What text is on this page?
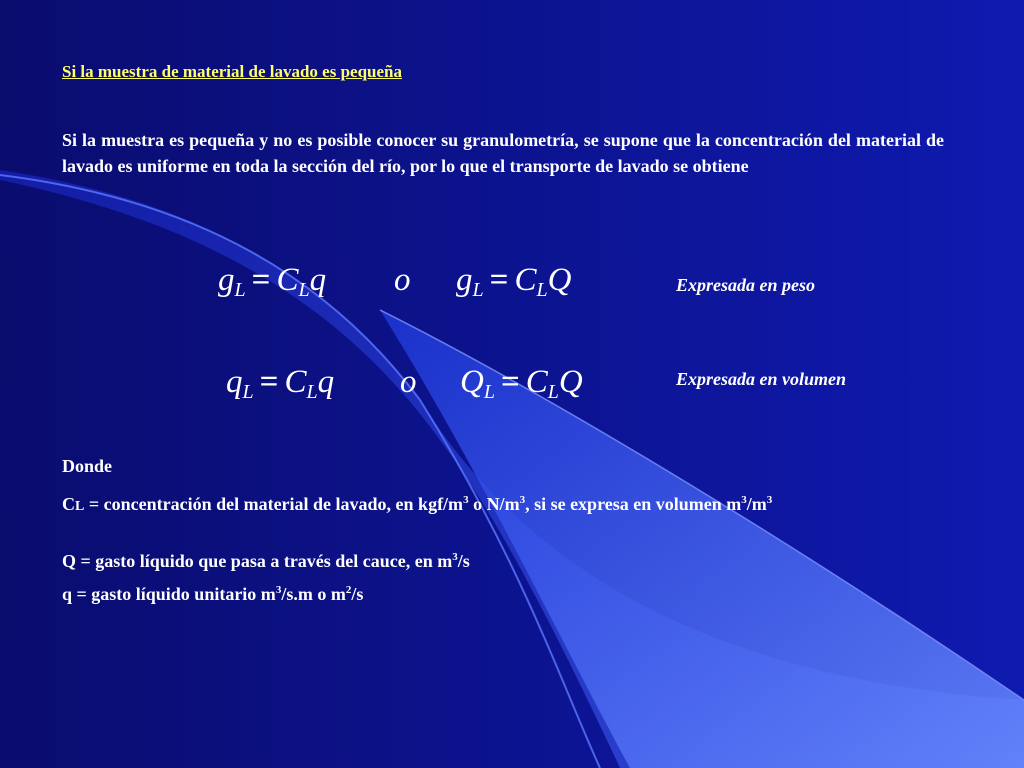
Si la muestra de material de lavado es pequeña
Si la muestra es pequeña y no es posible conocer su granulometría, se supone que la concentración del material de lavado es uniforme en toda la sección del río, por lo que el transporte de lavado se obtiene
$g_L = C_Lq$ o $g_L = C_LQ$	Expresada en peso
$q_L = C_Lq$ o $Q_L = C_LQ$	Expresada en volumen
Donde
CL = concentración del material de lavado, en kgf/$m^3$ o $N/m^3$, si se expresa en volumen $m^3/m^3$
Q = gasto líquido que pasa a través del cauce, en $m^3/s$
q = gasto líquido unitario $m^3/s.m$ o $m^2/s$
